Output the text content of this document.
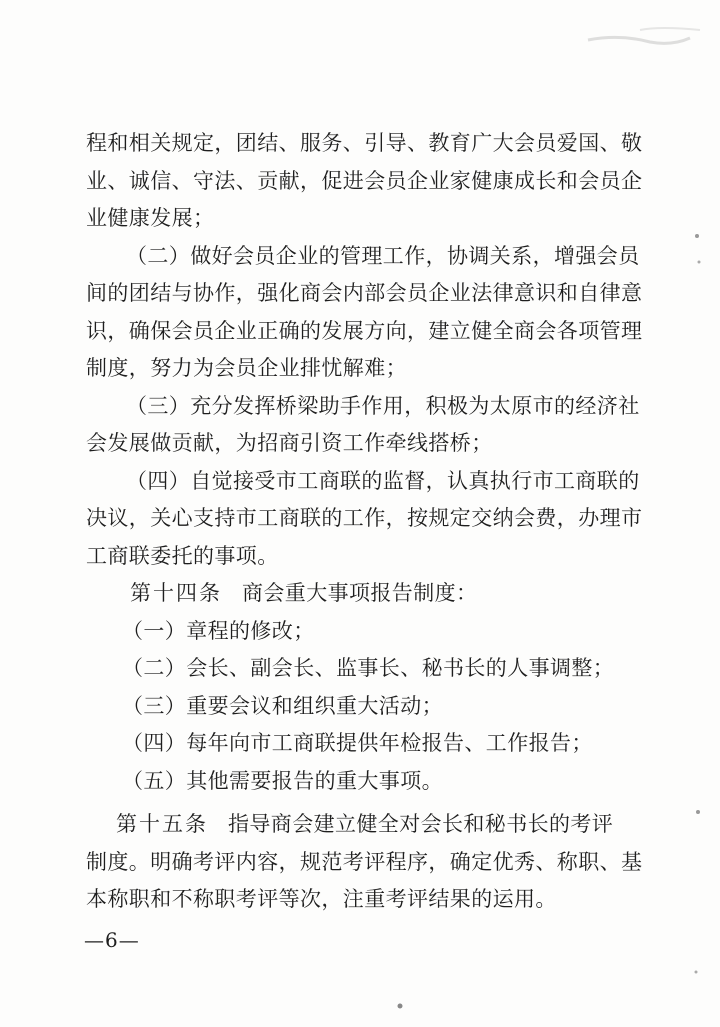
程和相关规定，团结、服务、引导、教育广大会员爱国、敬
业、诚信、守法、贡献，促进会员企业家健康成长和会员企
业健康发展；
（二）做好会员企业的管理工作，协调关系，增强会员
间的团结与协作，强化商会内部会员企业法律意识和自律意
识，确保会员企业正确的发展方向，建立健全商会各项管理
制度，努力为会员企业排忧解难；
（三）充分发挥桥梁助手作用，积极为太原市的经济社
会发展做贡献，为招商引资工作牵线搭桥；
（四）自觉接受市工商联的监督，认真执行市工商联的
决议，关心支持市工商联的工作，按规定交纳会费，办理市
工商联委托的事项。
第十四条 商会重大事项报告制度：
（一）章程的修改；
（二）会长、副会长、监事长、秘书长的人事调整；
（三）重要会议和组织重大活动；
（四）每年向市工商联提供年检报告、工作报告；
（五）其他需要报告的重大事项。
第十五条 指导商会建立健全对会长和秘书长的考评
制度。明确考评内容，规范考评程序，确定优秀、称职、基
本称职和不称职考评等次，注重考评结果的运用。
—6—
